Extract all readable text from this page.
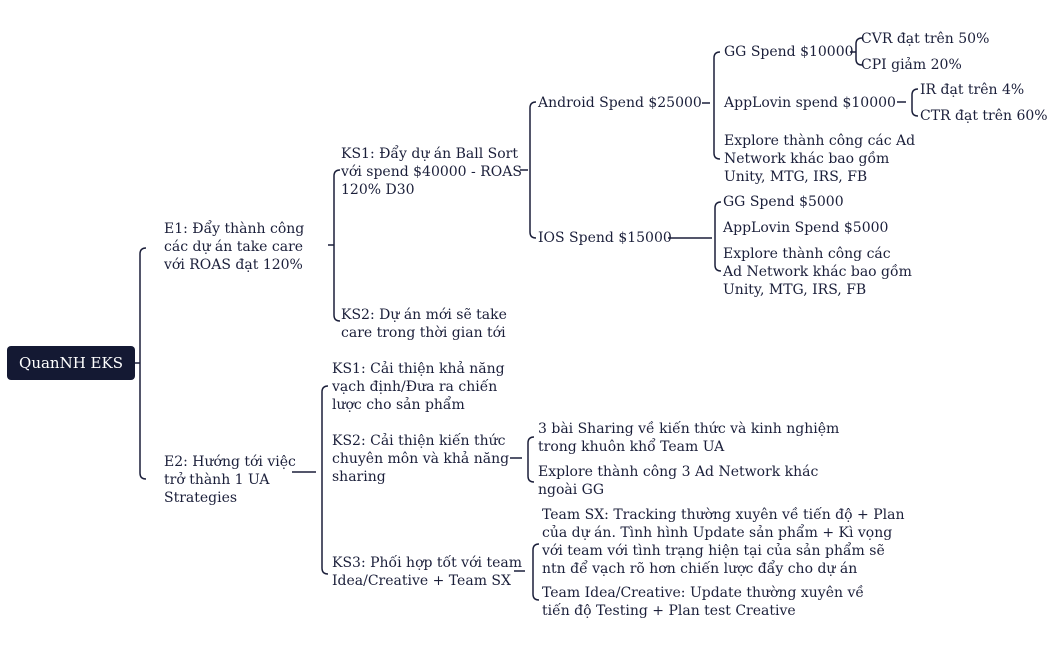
QuanNH EKS
E1: Đẩy thành công
các dự án take care
với ROAS đạt 120%
KS1: Đẩy dự án Ball Sort
với spend $40000 - ROAS
120% D30
KS2: Dự án mới sẽ take
care trong thời gian tới
Android Spend $25000
GG Spend $10000
CVR đạt trên 50%
CPI giảm 20%
AppLovin spend $10000
IR đạt trên 4%
CTR đạt trên 60%
Explore thành công các Ad
Network khác bao gồm
Unity, MTG, IRS, FB
IOS Spend $15000
GG Spend $5000
AppLovin Spend $5000
Explore thành công các
Ad Network khác bao gồm
Unity, MTG, IRS, FB
E2: Hướng tới việc
trở thành 1 UA
Strategies
KS1: Cải thiện khả năng
vạch định/Đưa ra chiến
lược cho sản phẩm
KS2: Cải thiện kiến thức
chuyên môn và khả năng
sharing
3 bài Sharing về kiến thức và kinh nghiệm
trong khuôn khổ Team UA
Explore thành công 3 Ad Network khác
ngoài GG
KS3: Phối hợp tốt với team
Idea/Creative + Team SX
Team SX: Tracking thường xuyên về tiến độ + Plan
của dự án. Tình hình Update sản phẩm + Kì vọng
với team với tình trạng hiện tại của sản phẩm sẽ
ntn để vạch rõ hơn chiến lược đẩy cho dự án
Team Idea/Creative: Update thường xuyên về
tiến độ Testing + Plan test Creative
